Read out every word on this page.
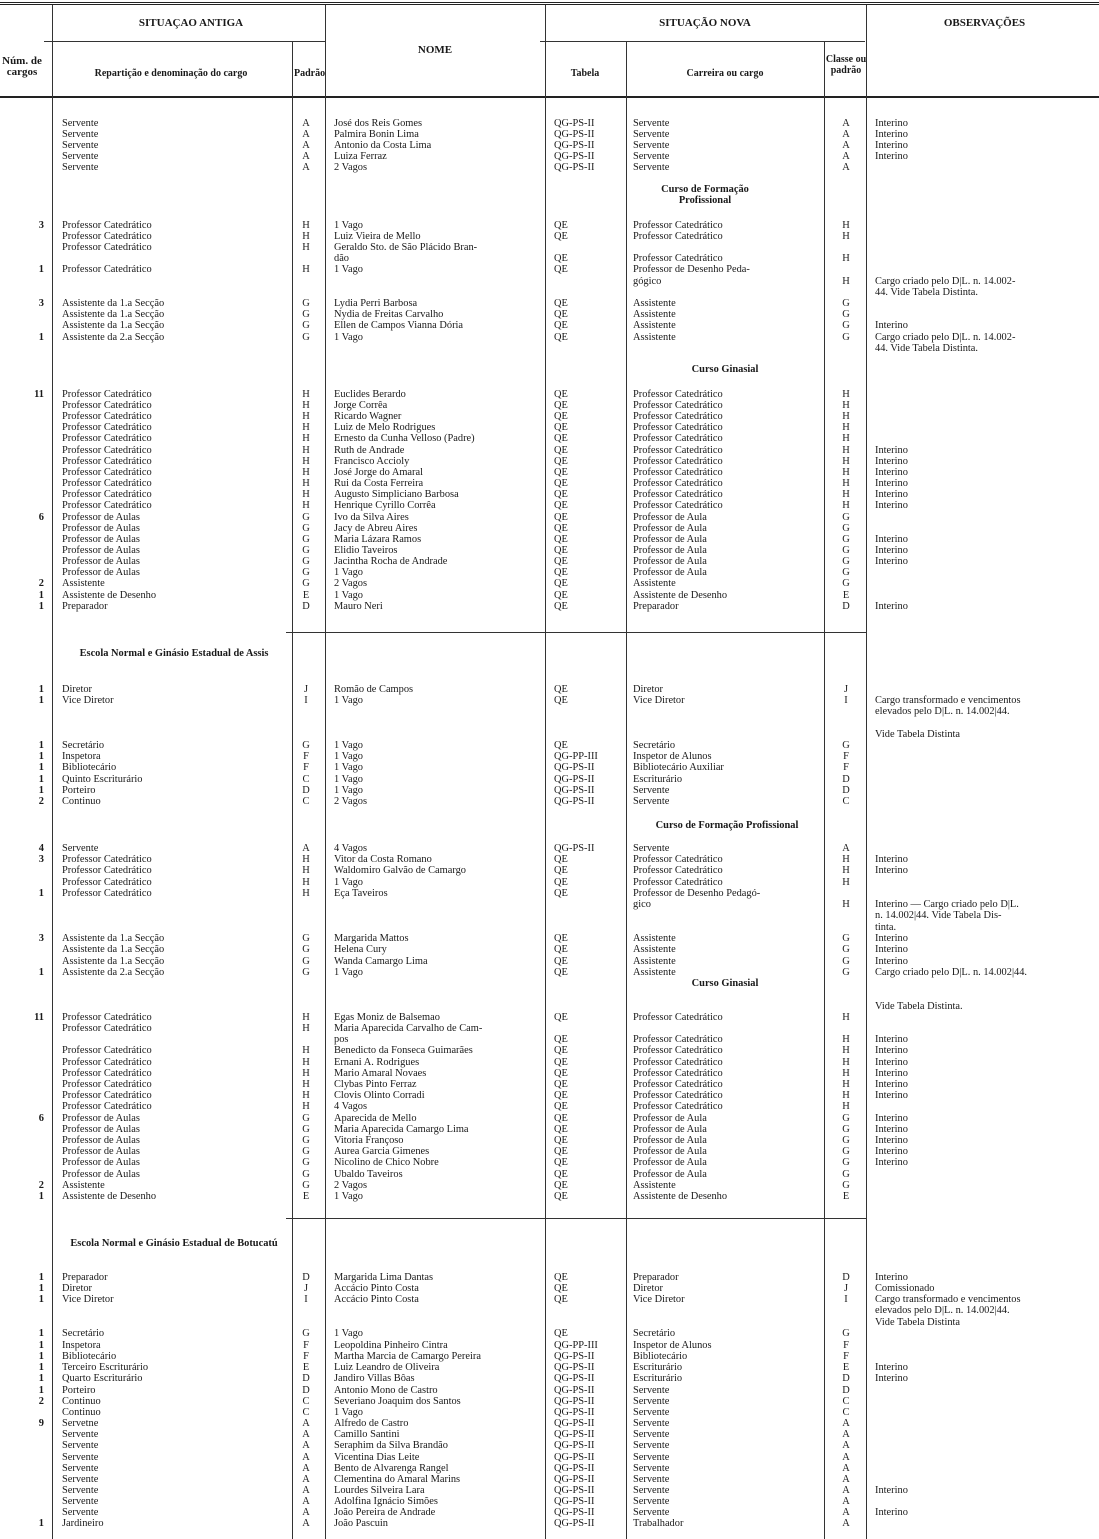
SITUAÇAO ANTIGA
NOME
SITUAÇÃO NOVA	OBSERVAÇÕES
Núm. de cargos	Repartição e denominação do cargo	Padrão	Tabela	Carreira ou cargo
Classe ou padrão
Curso de Formação Profissional
Curso Ginasial
Escola Normal e Ginásio Estadual de Assis
Curso de Formação Profissional
Curso Ginasial
Escola Normal e Ginásio Estadual de Botucatú
Servente	A	José dos Reis Gomes	QG-PS-II	Servente	A	Interino
Servente	A	Palmira Bonin Lima	QG-PS-II	Servente	A	Interino
Servente	A	Antonio da Costa Lima	QG-PS-II	Servente	A	Interino
Servente	A	Luiza Ferraz	QG-PS-II	Servente	A	Interino
Servente	A	2 Vagos	QG-PS-II	Servente	A
3 Professor Catedrático	H	1 Vago	QE	Professor Catedrático	H
Professor Catedrático	H	Luiz Vieira de Mello	QE	Professor Catedrático	H
Professor Catedrático	H	Geraldo Sto. de São Plácido Bran-
dão	QE	Professor Catedrático	H
1 Professor Catedrático	H	1 Vago	QE	Professor de Desenho Peda-
gógico	H	Cargo criado pelo D|L. n. 14.002-
44. Vide Tabela Distinta.
3 Assistente da 1.a Secção	G	Lydia Perri Barbosa	QE	Assistente	G
Assistente da 1.a Secção	G	Nydia de Freitas Carvalho	QE	Assistente	G
Assistente da 1.a Secção	G	Ellen de Campos Vianna Dória	QE	Assistente	G	Interino
1 Assistente da 2.a Secção	G	1 Vago	QE	Assistente	G	Cargo criado pelo D|L. n. 14.002-
44. Vide Tabela Distinta.
11 Professor Catedrático	H	Euclides Berardo	QE	Professor Catedrático	H
Professor Catedrático	H	Jorge Corrêa	QE	Professor Catedrático	H
Professor Catedrático	H	Ricardo Wagner	QE	Professor Catedrático	H
Professor Catedrático	H	Luiz de Melo Rodrigues	QE	Professor Catedrático	H
Professor Catedrático	H	Ernesto da Cunha Velloso (Padre)	QE	Professor Catedrático	H
Professor Catedrático	H	Ruth de Andrade	QE	Professor Catedrático	H	Interino
Professor Catedrático	H	Francisco Accioly	QE	Professor Catedrático	H	Interino
Professor Catedrático	H	José Jorge do Amaral	QE	Professor Catedrático	H	Interino
Professor Catedrático	H	Rui da Costa Ferreira	QE	Professor Catedrático	H	Interino
Professor Catedrático	H	Augusto Simpliciano Barbosa	QE	Professor Catedrático	H	Interino
Professor Catedrático	H	Henrique Cyrillo Corrêa	QE	Professor Catedrático	H	Interino
6 Professor de Aulas	G	Ivo da Silva Aires	QE	Professor de Aula	G
Professor de Aulas	G	Jacy de Abreu Aires	QE	Professor de Aula	G
Professor de Aulas	G	Maria Lázara Ramos	QE	Professor de Aula	G	Interino
Professor de Aulas	G	Elidio Taveiros	QE	Professor de Aula	G	Interino
Professor de Aulas	G	Jacintha Rocha de Andrade	QE	Professor de Aula	G	Interino
Professor de Aulas	G	1 Vago	QE	Professor de Aula	G
2 Assistente	G	2 Vagos	QE	Assistente	G
1 Assistente de Desenho	E	1 Vago	QE	Assistente de Desenho	E
1 Preparador	D	Mauro Neri	QE	Preparador	D	Interino
1 Diretor	J	Romão de Campos	QE	Diretor	J
1 Vice Diretor	I	1 Vago	QE	Vice Diretor	I	Cargo transformado e vencimentos
elevados pelo D|L. n. 14.002|44.
Vide Tabela Distinta
1 Secretário	G	1 Vago	QE	Secretário	G
1 Inspetora	F	1 Vago	QG-PP-III	Inspetor de Alunos	F
1 Bibliotecário	F	1 Vago	QG-PS-II	Bibliotecário Auxiliar	F
1 Quinto Escriturário	C	1 Vago	QG-PS-II	Escriturário	D
1 Porteiro	D	1 Vago	QG-PS-II	Servente	D
2 Continuo	C	2 Vagos	QG-PS-II	Servente	C
4 Servente	A	4 Vagos	QG-PS-II	Servente	A
3 Professor Catedrático	H	Vitor da Costa Romano	QE	Professor Catedrático	H	Interino
Professor Catedrático	H	Waldomiro Galvão de Camargo	QE	Professor Catedrático	H	Interino
Professor Catedrático	H	1 Vago	QE	Professor Catedrático	H
1 Professor Catedrático	H	Eça Taveiros	QE	Professor de Desenho Pedagó-
gico	H	Interino — Cargo criado pelo D|L.
n. 14.002|44. Vide Tabela Dis-
tinta.
3 Assistente da 1.a Secção	G	Margarida Mattos	QE	Assistente	G	Interino
Assistente da 1.a Secção	G	Helena Cury	QE	Assistente	G	Interino
Assistente da 1.a Secção	G	Wanda Camargo Lima	QE	Assistente	G	Interino
1 Assistente da 2.a Secção	G	1 Vago	QE	Assistente	G	Cargo criado pelo D|L. n. 14.002|44.
Vide Tabela Distinta.
11 Professor Catedrático	H	Egas Moniz de Balsemao	QE	Professor Catedrático	H
Professor Catedrático	H	Maria Aparecida Carvalho de Cam-
pos	QE	Professor Catedrático	H	Interino
Professor Catedrático	H	Benedicto da Fonseca Guimarães	QE	Professor Catedrático	H	Interino
Professor Catedrático	H	Ernani A. Rodrigues	QE	Professor Catedrático	H	Interino
Professor Catedrático	H	Mario Amaral Novaes	QE	Professor Catedrático	H	Interino
Professor Catedrático	H	Clybas Pinto Ferraz	QE	Professor Catedrático	H	Interino
Professor Catedrático	H	Clovis Olinto Corradi	QE	Professor Catedrático	H	Interino
Professor Catedrático	H	4 Vagos	QE	Professor Catedrático	H
6 Professor de Aulas	G	Aparecida de Mello	QE	Professor de Aula	G	Interino
Professor de Aulas	G	Maria Aparecida Camargo Lima	QE	Professor de Aula	G	Interino
Professor de Aulas	G	Vitoria Françoso	QE	Professor de Aula	G	Interino
Professor de Aulas	G	Aurea Garcia Gimenes	QE	Professor de Aula	G	Interino
Professor de Aulas	G	Nicolino de Chico Nobre	QE	Professor de Aula	G	Interino
Professor de Aulas	G	Ubaldo Taveiros	QE	Professor de Aula	G
2 Assistente	G	2 Vagos	QE	Assistente	G
1 Assistente de Desenho	E	1 Vago	QE	Assistente de Desenho	E
1 Preparador	D	Margarida Lima Dantas	QE	Preparador	D	Interino
1 Diretor	J	Accácio Pinto Costa	QE	Diretor	J	Comissionado
1 Vice Diretor	I	Accácio Pinto Costa	QE	Vice Diretor	I	Cargo transformado e vencimentos
elevados pelo D|L. n. 14.002|44.
Vide Tabela Distinta
1 Secretário	G	1 Vago	QE	Secretário	G
1 Inspetora	F	Leopoldina Pinheiro Cintra	QG-PP-III	Inspetor de Alunos	F
1 Bibliotecário	F	Martha Marcia de Camargo Pereira	QG-PS-II	Bibliotecário	F
1 Terceiro Escriturário	E	Luiz Leandro de Oliveira	QG-PS-II	Escriturário	E	Interino
1 Quarto Escriturário	D	Jandiro Villas Bôas	QG-PS-II	Escriturário	D	Interino
1 Porteiro	D	Antonio Mono de Castro	QG-PS-II	Servente	D
2 Continuo	C	Severiano Joaquim dos Santos	QG-PS-II	Servente	C
Continuo	C	1 Vago	QG-PS-II	Servente	C
9 Servetne	A	Alfredo de Castro	QG-PS-II	Servente	A
Servente	A	Camillo Santini	QG-PS-II	Servente	A
Servente	A	Seraphim da Silva Brandão	QG-PS-II	Servente	A
Servente	A	Vicentina Dias Leite	QG-PS-II	Servente	A
Servente	A	Bento de Alvarenga Rangel	QG-PS-II	Servente	A
Servente	A	Clementina do Amaral Marins	QG-PS-II	Servente	A
Servente	A	Lourdes Silveira Lara	QG-PS-II	Servente	A	Interino
Servente	A	Adolfina Ignácio Simões	QG-PS-II	Servente	A
Servente	A	João Pereira de Andrade	QG-PS-II	Servente	A	Interino
1 Jardineiro	A	João Pascuin	QG-PS-II	Trabalhador	A
